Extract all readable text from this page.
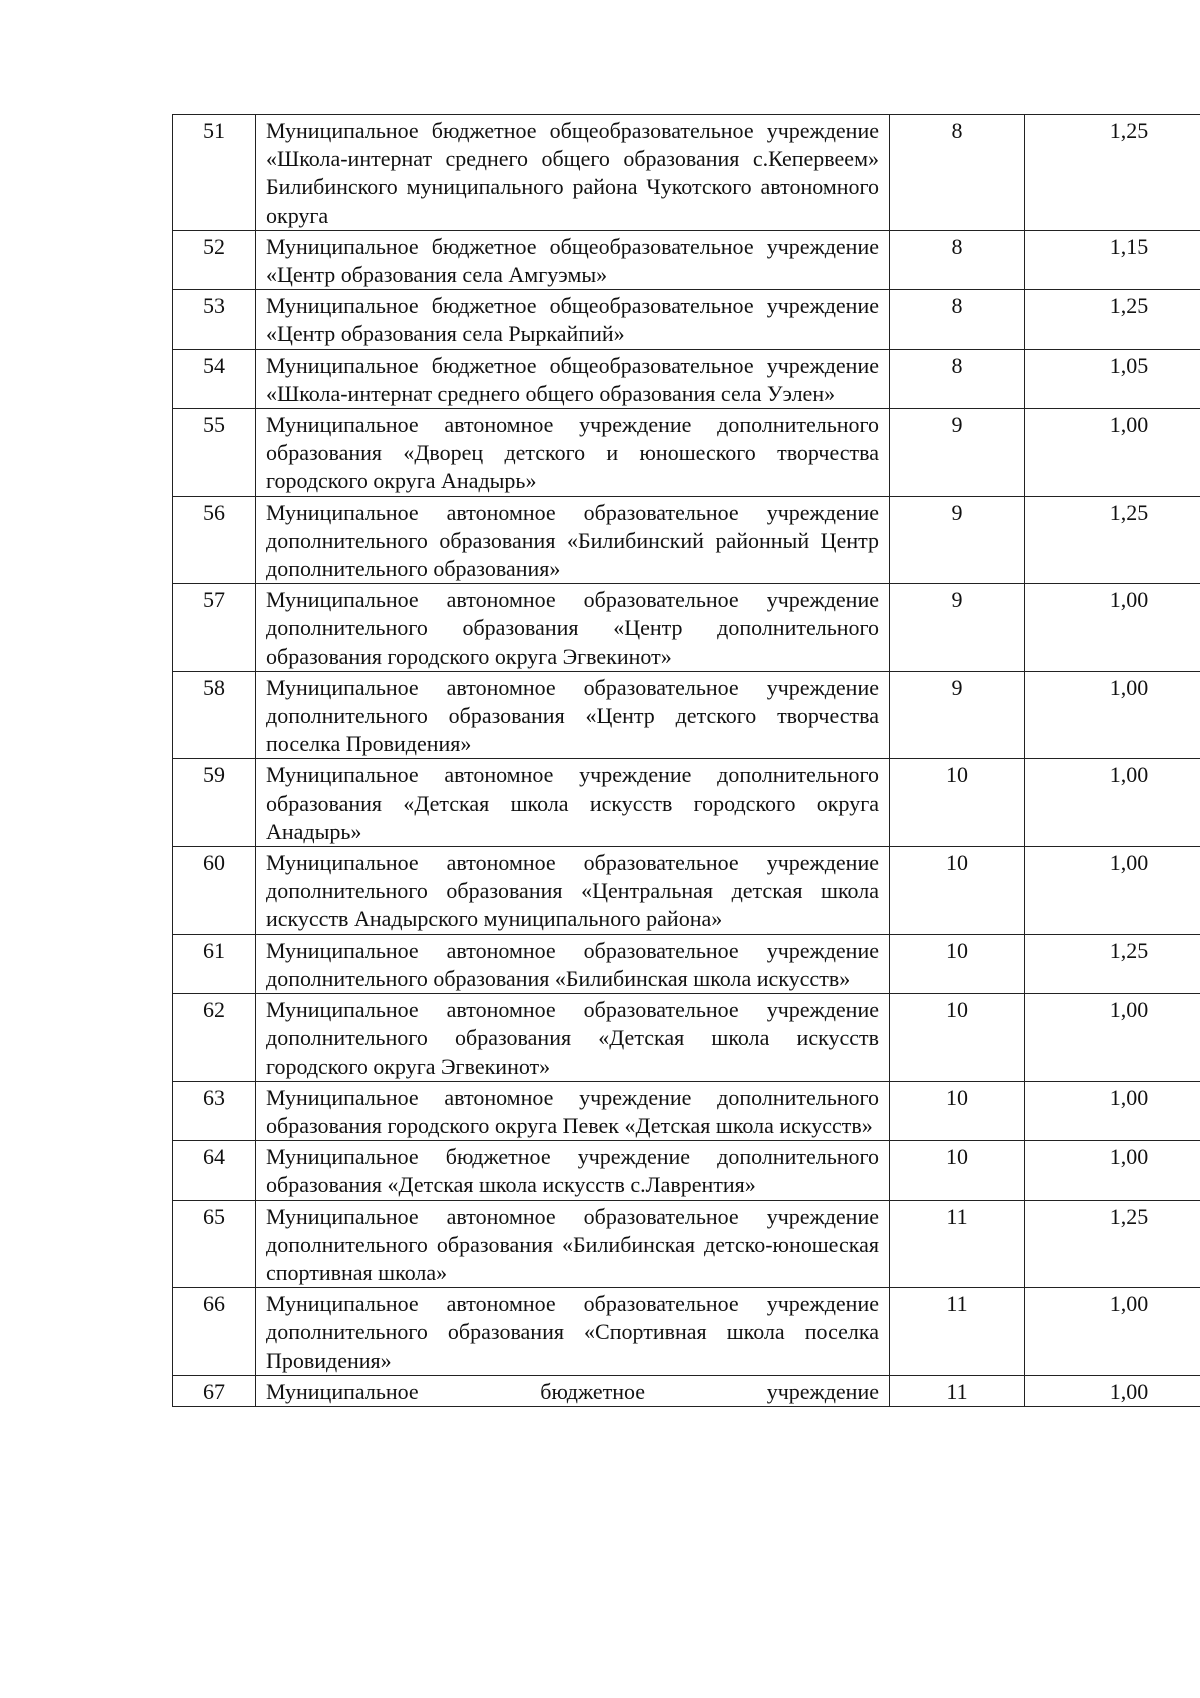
51	Муниципальное бюджетное общеобразовательное учреждение «Школа-интернат среднего общего образования с.Кепервеем» Билибинского муниципального района Чукотского автономного округа	8	1,25
52	Муниципальное бюджетное общеобразовательное учреждение «Центр образования села Амгуэмы»	8	1,15
53	Муниципальное бюджетное общеобразовательное учреждение «Центр образования села Рыркайпий»	8	1,25
54	Муниципальное бюджетное общеобразовательное учреждение «Школа-интернат среднего общего образования села Уэлен»	8	1,05
55	Муниципальное автономное учреждение дополнительного образования «Дворец детского и юношеского творчества городского округа Анадырь»	9	1,00
56	Муниципальное автономное образовательное учреждение дополнительного образования «Билибинский районный Центр дополнительного образования»	9	1,25
57	Муниципальное автономное образовательное учреждение дополнительного образования «Центр дополнительного образования городского округа Эгвекинот»	9	1,00
58	Муниципальное автономное образовательное учреждение дополнительного образования «Центр детского творчества поселка Провидения»	9	1,00
59	Муниципальное автономное учреждение дополнительного образования «Детская школа искусств городского округа Анадырь»	10	1,00
60	Муниципальное автономное образовательное учреждение дополнительного образования «Центральная детская школа искусств Анадырского муниципального района»	10	1,00
61	Муниципальное автономное образовательное учреждение дополнительного образования «Билибинская школа искусств»	10	1,25
62	Муниципальное автономное образовательное учреждение дополнительного образования «Детская школа искусств городского округа Эгвекинот»	10	1,00
63	Муниципальное автономное учреждение дополнительного образования городского округа Певек «Детская школа искусств»	10	1,00
64	Муниципальное бюджетное учреждение дополнительного образования «Детская школа искусств с.Лаврентия»	10	1,00
65	Муниципальное автономное образовательное учреждение дополнительного образования «Билибинская детско-юношеская спортивная школа»	11	1,25
66	Муниципальное автономное образовательное учреждение дополнительного образования «Спортивная школа поселка Провидения»	11	1,00
67	Муниципальное бюджетное учреждение	11	1,00
